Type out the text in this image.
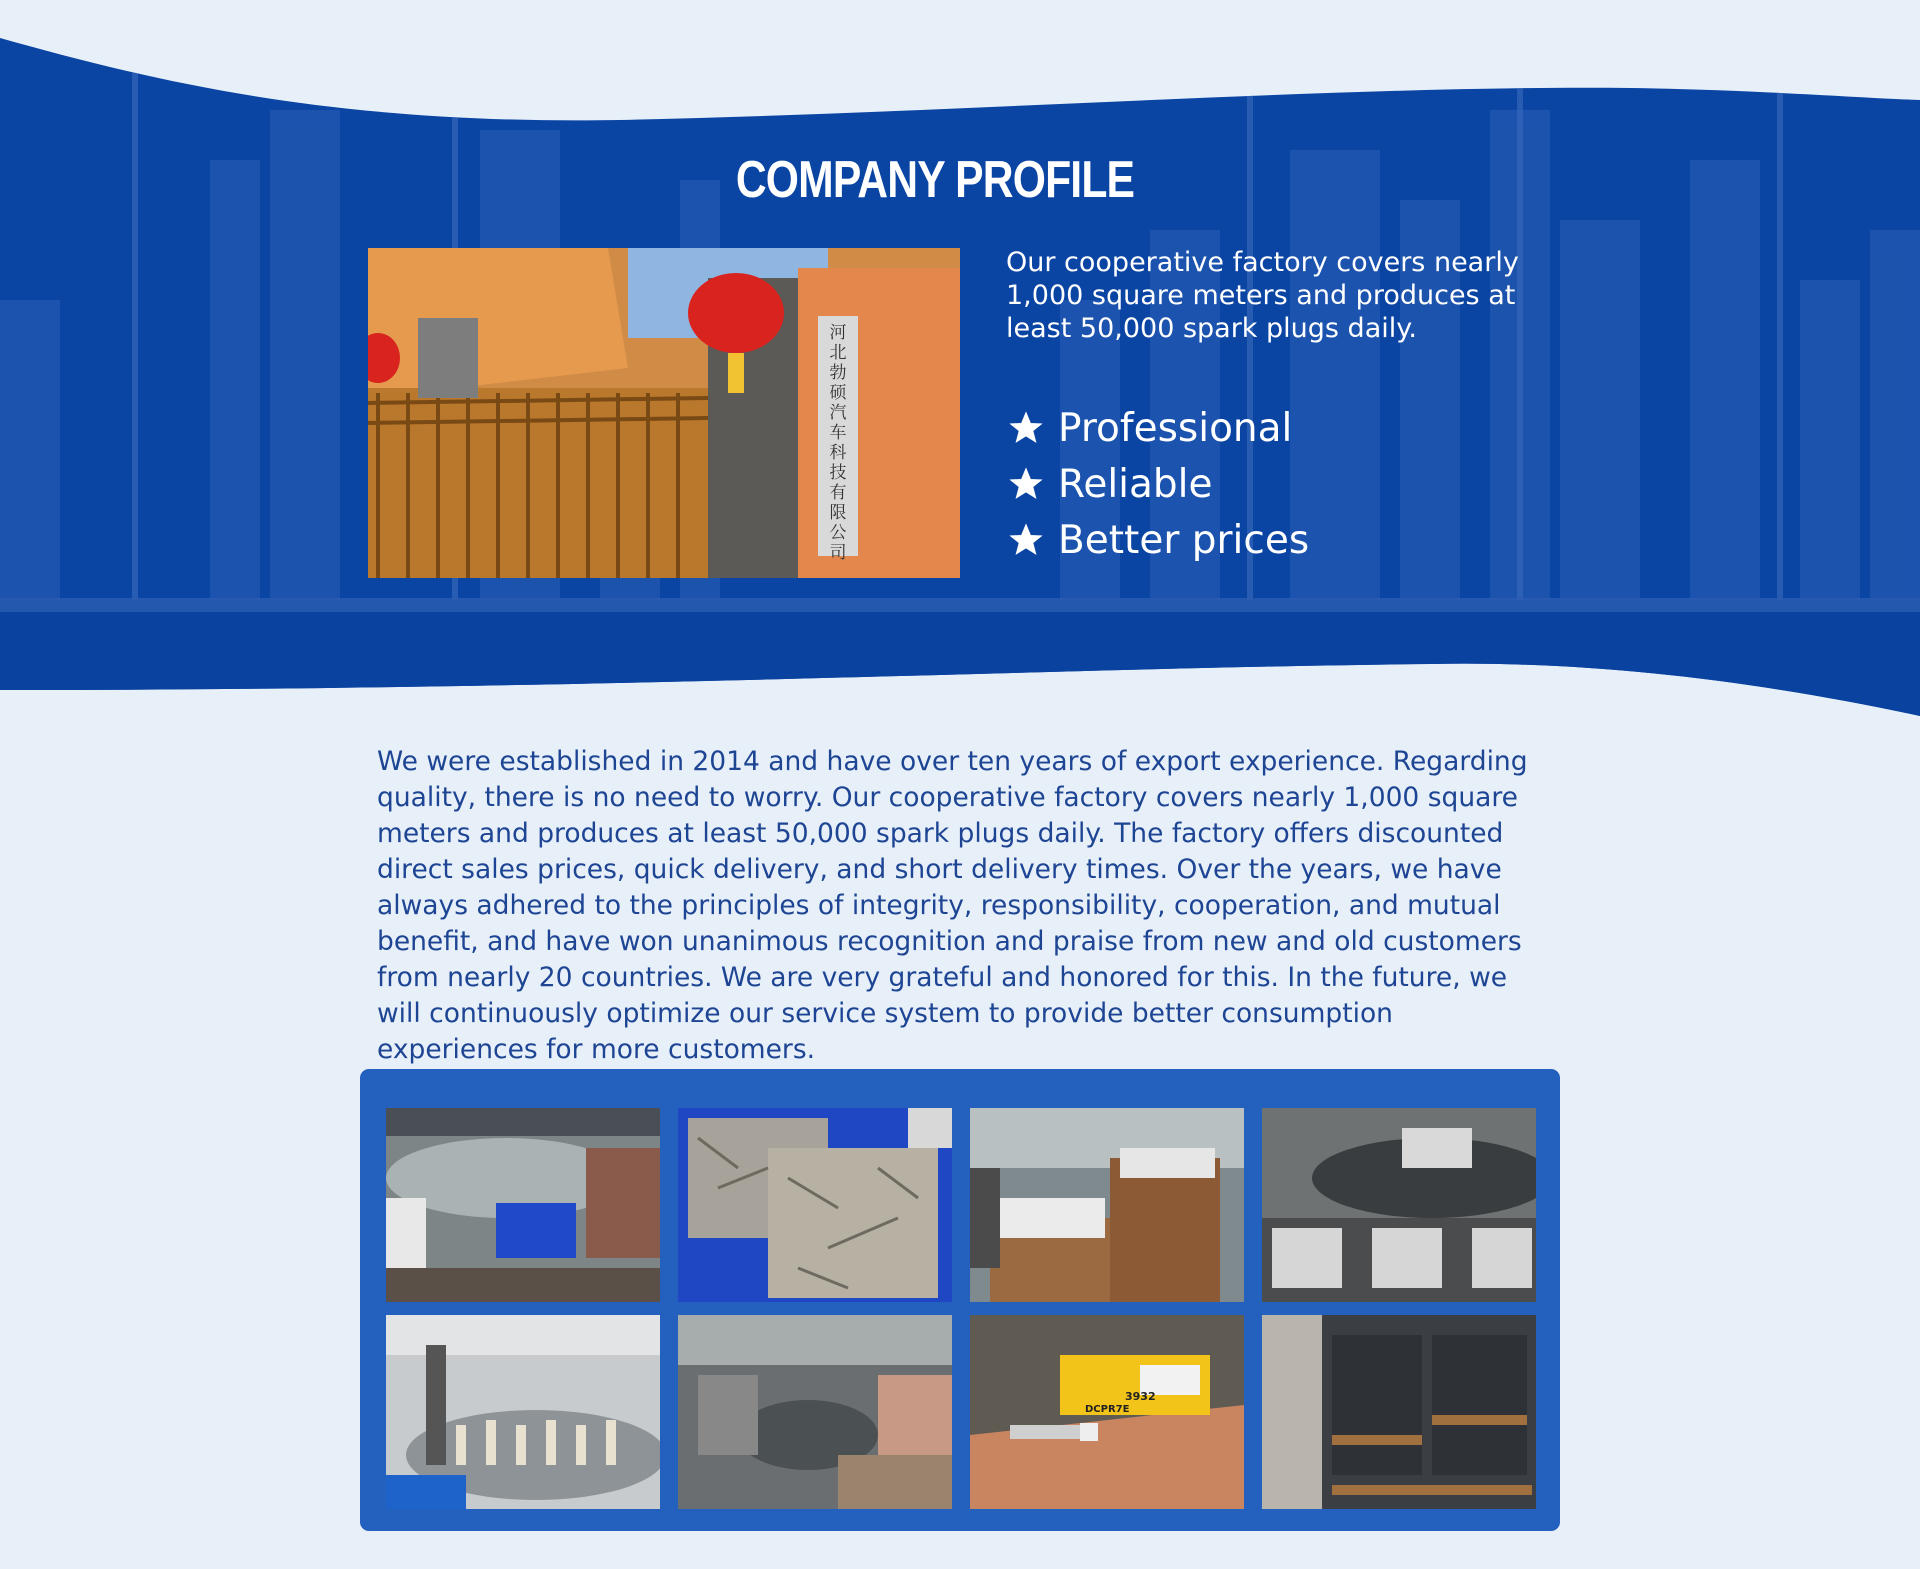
COMPANY PROFILE
河北勃硕汽车科技有限公司
Our cooperative factory covers nearly
1,000 square meters and produces at
least 50,000 spark plugs daily.
Professional
Reliable
Better prices

We were established in 2014 and have over ten years of export experience. Regarding quality, there is no need to worry. Our cooperative factory covers nearly 1,000 square meters and produces at least 50,000 spark plugs daily. The factory offers discounted direct sales prices, quick delivery, and short delivery times. Over the years, we have always adhered to the principles of integrity, responsibility, cooperation, and mutual benefit, and have won unanimous recognition and praise from new and old customers from nearly 20 countries. We are very grateful and honored for this. In the future, we will continuously optimize our service system to provide better consumption experiences for more customers.

3932
DCPR7E
